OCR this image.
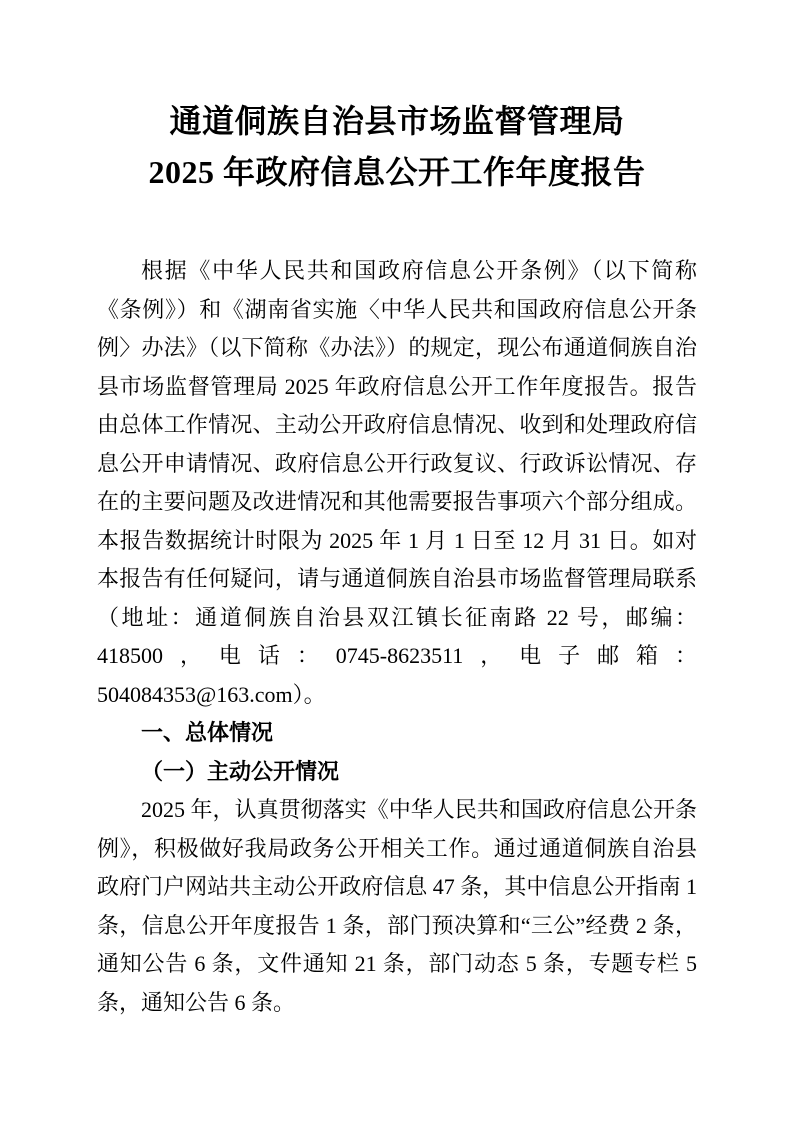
通道侗族自治县市场监督管理局
2025 年政府信息公开工作年度报告

根据《中华人民共和国政府信息公开条例》（以下简称《条例》）和《湖南省实施〈中华人民共和国政府信息公开条例〉办法》（以下简称《办法》）的规定，现公布通道侗族自治县市场监督管理局 2025 年政府信息公开工作年度报告。报告由总体工作情况、主动公开政府信息情况、收到和处理政府信息公开申请情况、政府信息公开行政复议、行政诉讼情况、存在的主要问题及改进情况和其他需要报告事项六个部分组成。本报告数据统计时限为 2025 年 1 月 1 日至 12 月 31 日。如对本报告有任何疑问，请与通道侗族自治县市场监督管理局联系（地址：通道侗族自治县双江镇长征南路 22 号，邮编：418500，电话：0745-8623511，电子邮箱：504084353@163.com）。

一、总体情况

（一）主动公开情况

2025 年，认真贯彻落实《中华人民共和国政府信息公开条例》，积极做好我局政务公开相关工作。通过通道侗族自治县政府门户网站共主动公开政府信息 47 条，其中信息公开指南 1 条，信息公开年度报告 1 条，部门预决算和“三公”经费 2 条，通知公告 6 条，文件通知 21 条，部门动态 5 条，专题专栏 5 条，通知公告 6 条。
